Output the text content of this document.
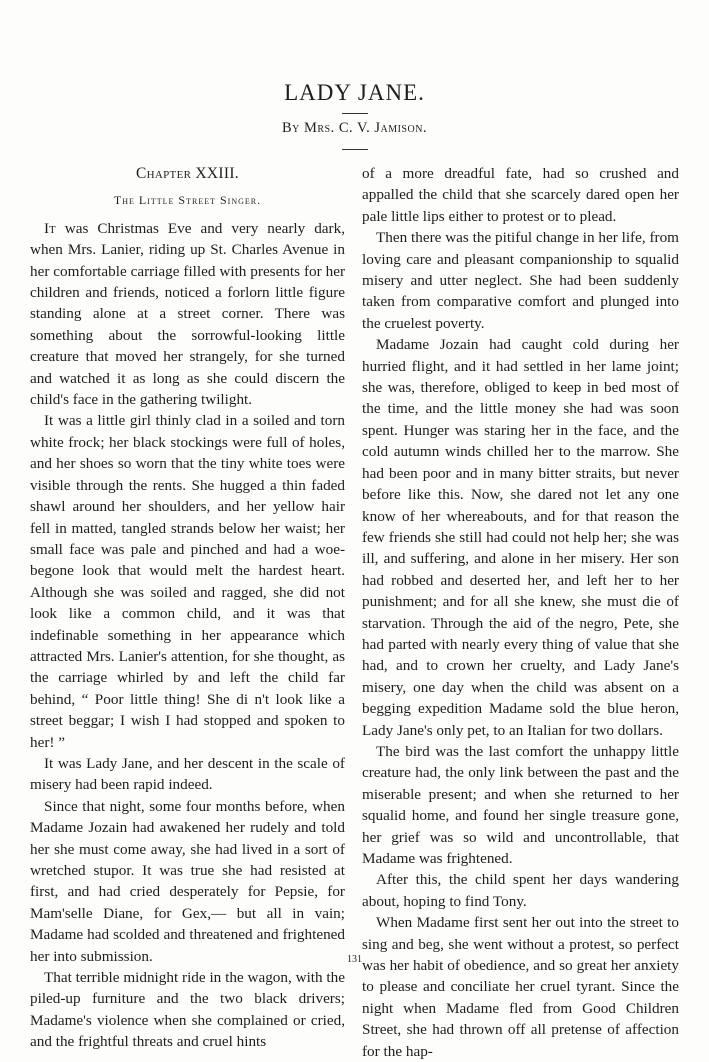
LADY JANE.
By Mrs. C. V. Jamison.
Chapter XXIII.
The Little Street Singer.

It was Christmas Eve and very nearly dark, when Mrs. Lanier, riding up St. Charles Avenue in her comfortable carriage filled with presents for her children and friends, noticed a forlorn little figure standing alone at a street corner. There was something about the sorrowful-looking little creature that moved her strangely, for she turned and watched it as long as she could discern the child's face in the gathering twilight.

It was a little girl thinly clad in a soiled and torn white frock; her black stockings were full of holes, and her shoes so worn that the tiny white toes were visible through the rents. She hugged a thin faded shawl around her shoulders, and her yellow hair fell in matted, tangled strands below her waist; her small face was pale and pinched and had a woe-begone look that would melt the hardest heart. Although she was soiled and ragged, she did not look like a common child, and it was that indefinable something in her appearance which attracted Mrs. Lanier's attention, for she thought, as the carriage whirled by and left the child far behind, “ Poor little thing! She di n't look like a street beggar; I wish I had stopped and spoken to her! ”

It was Lady Jane, and her descent in the scale of misery had been rapid indeed.

Since that night, some four months before, when Madame Jozain had awakened her rudely and told her she must come away, she had lived in a sort of wretched stupor. It was true she had resisted at first, and had cried desperately for Pepsie, for Mam'selle Diane, for Gex,— but all in vain; Madame had scolded and threatened and frightened her into submission.

That terrible midnight ride in the wagon, with the piled-up furniture and the two black drivers; Madame's violence when she complained or cried, and the frightful threats and cruel hints

of a more dreadful fate, had so crushed and appalled the child that she scarcely dared open her pale little lips either to protest or to plead.

Then there was the pitiful change in her life, from loving care and pleasant companionship to squalid misery and utter neglect. She had been suddenly taken from comparative comfort and plunged into the cruelest poverty.

Madame Jozain had caught cold during her hurried flight, and it had settled in her lame joint; she was, therefore, obliged to keep in bed most of the time, and the little money she had was soon spent. Hunger was staring her in the face, and the cold autumn winds chilled her to the marrow. She had been poor and in many bitter straits, but never before like this. Now, she dared not let any one know of her whereabouts, and for that reason the few friends she still had could not help her; she was ill, and suffering, and alone in her misery. Her son had robbed and deserted her, and left her to her punishment; and for all she knew, she must die of starvation. Through the aid of the negro, Pete, she had parted with nearly every thing of value that she had, and to crown her cruelty, and Lady Jane's misery, one day when the child was absent on a begging expedition Madame sold the blue heron, Lady Jane's only pet, to an Italian for two dollars.

The bird was the last comfort the unhappy little creature had, the only link between the past and the miserable present; and when she returned to her squalid home, and found her single treasure gone, her grief was so wild and uncontrollable, that Madame was frightened.

After this, the child spent her days wandering about, hoping to find Tony.

When Madame first sent her out into the street to sing and beg, she went without a protest, so perfect was her habit of obedience, and so great her anxiety to please and conciliate her cruel tyrant. Since the night when Madame fled from Good Children Street, she had thrown off all pretense of affection for the hap-

131
